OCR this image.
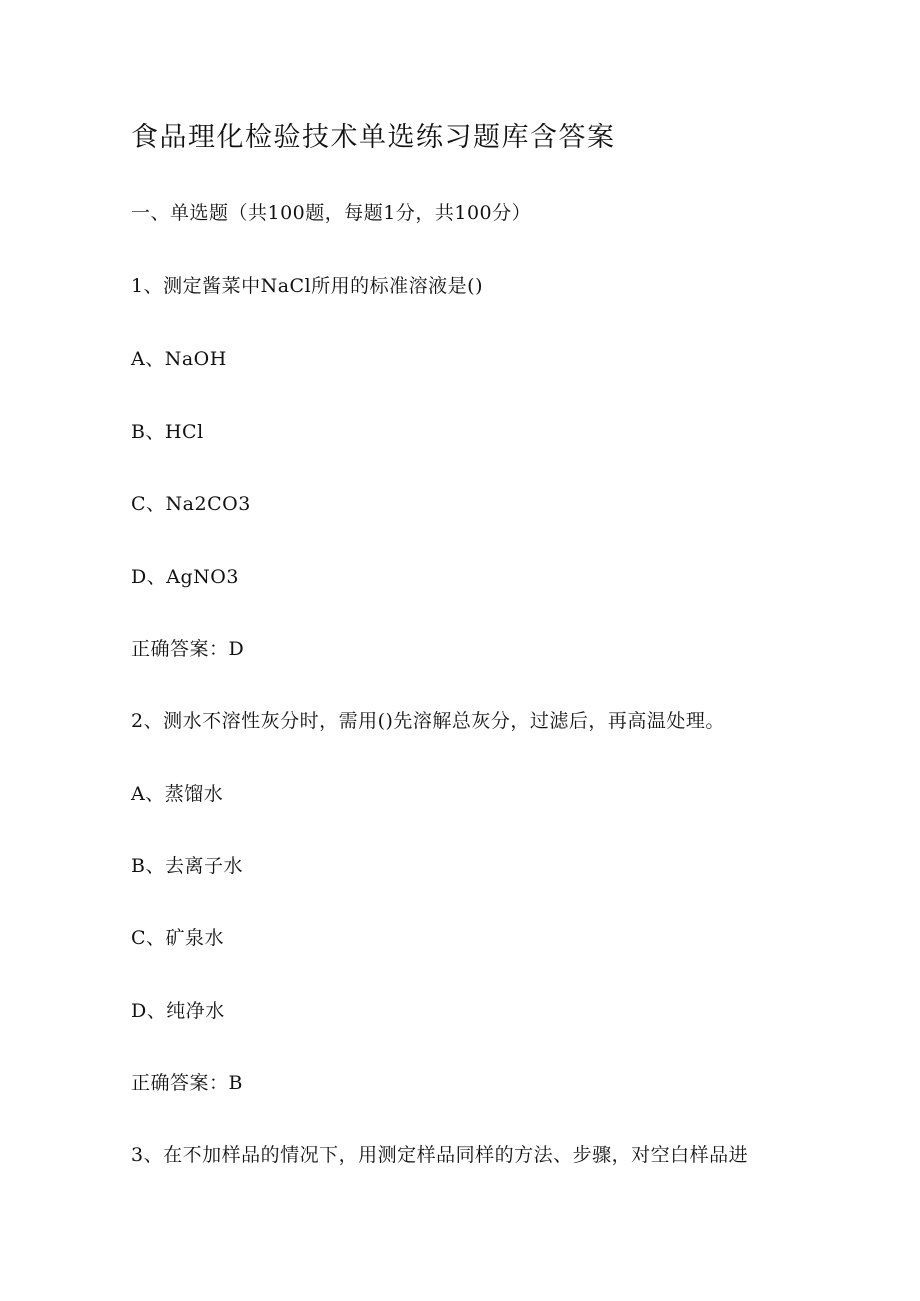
食品理化检验技术单选练习题库含答案
一、单选题（共100题，每题1分，共100分）
1、测定酱菜中NaCl所用的标准溶液是()
A、NaOH
B、HCl
C、Na2CO3
D、AgNO3
正确答案：D
2、测水不溶性灰分时，需用()先溶解总灰分，过滤后，再高温处理。
A、蒸馏水
B、去离子水
C、矿泉水
D、纯净水
正确答案：B
3、在不加样品的情况下，用测定样品同样的方法、步骤，对空白样品进
